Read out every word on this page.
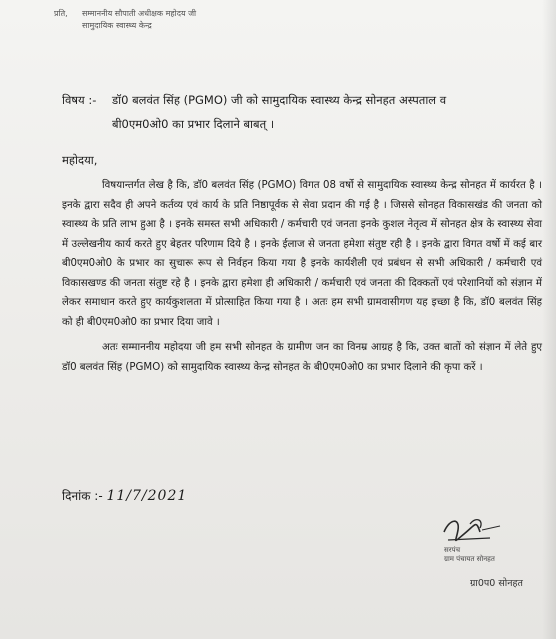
प्रति, सम्माननीय सौपाती अधीक्षक महोदय जी
सामुदायिक स्वास्थ्य केन्द्र
विषय :- डॉ0 बलवंत सिंह (PGMO) जी को सामुदायिक स्वास्थ्य केन्द्र सोनहत अस्पताल व
बी0एम0ओ0 का प्रभार दिलाने बाबत् ।
महोदया,

विषयान्तर्गत लेख है कि, डॉ0 बलवंत सिंह (PGMO) विगत 08 वर्षो से सामुदायिक स्वास्थ्य केन्द्र सोनहत में कार्यरत है । इनके द्वारा सदैव ही अपने कर्तव्य एवं कार्य के प्रति निष्ठापूर्वक से सेवा प्रदान की गई है । जिससे सोनहत विकासखंड की जनता को स्वास्थ्य के प्रति लाभ हुआ है । इनके समस्त सभी अधिकारी / कर्मचारी एवं जनता इनके कुशल नेतृत्व में सोनहत क्षेत्र के स्वास्थ्य सेवा में उल्लेखनीय कार्य करते हुए बेहतर परिणाम दिये है । इनके ईलाज से जनता हमेशा संतुष्ट रही है । इनके द्वारा विगत वर्षो में कई बार बी0एम0ओ0 के प्रभार का सुचारू रूप से निर्वहन किया गया है इनके कार्यशैली एवं प्रबंधन से सभी अधिकारी / कर्मचारी एवं विकासखण्ड की जनता संतुष्ट रहे है । इनके द्वारा हमेशा ही अधिकारी / कर्मचारी एवं जनता की दिक्कतों एवं परेशानियों को संज्ञान में लेकर समाधान करते हुए कार्यकुशलता में प्रोत्साहित किया गया है । अतः हम सभी ग्रामवासीगण यह इच्छा है कि, डॉ0 बलवंत सिंह को ही बी0एम0ओ0 का प्रभार दिया जावे ।

अतः सम्माननीय महोदया जी हम सभी सोनहत के ग्रामीण जन का विनम्र आग्रह है कि, उक्त बातों को संज्ञान में लेते हुए डॉ0 बलवंत सिंह (PGMO) को सामुदायिक स्वास्थ्य केन्द्र सोनहत के बी0एम0ओ0 का प्रभार दिलाने की कृपा करें ।

दिनांक :- 11/7/2021
सरपंच
ग्राम पंचायत सोनहत
ग्रा0प0 सोनहत
